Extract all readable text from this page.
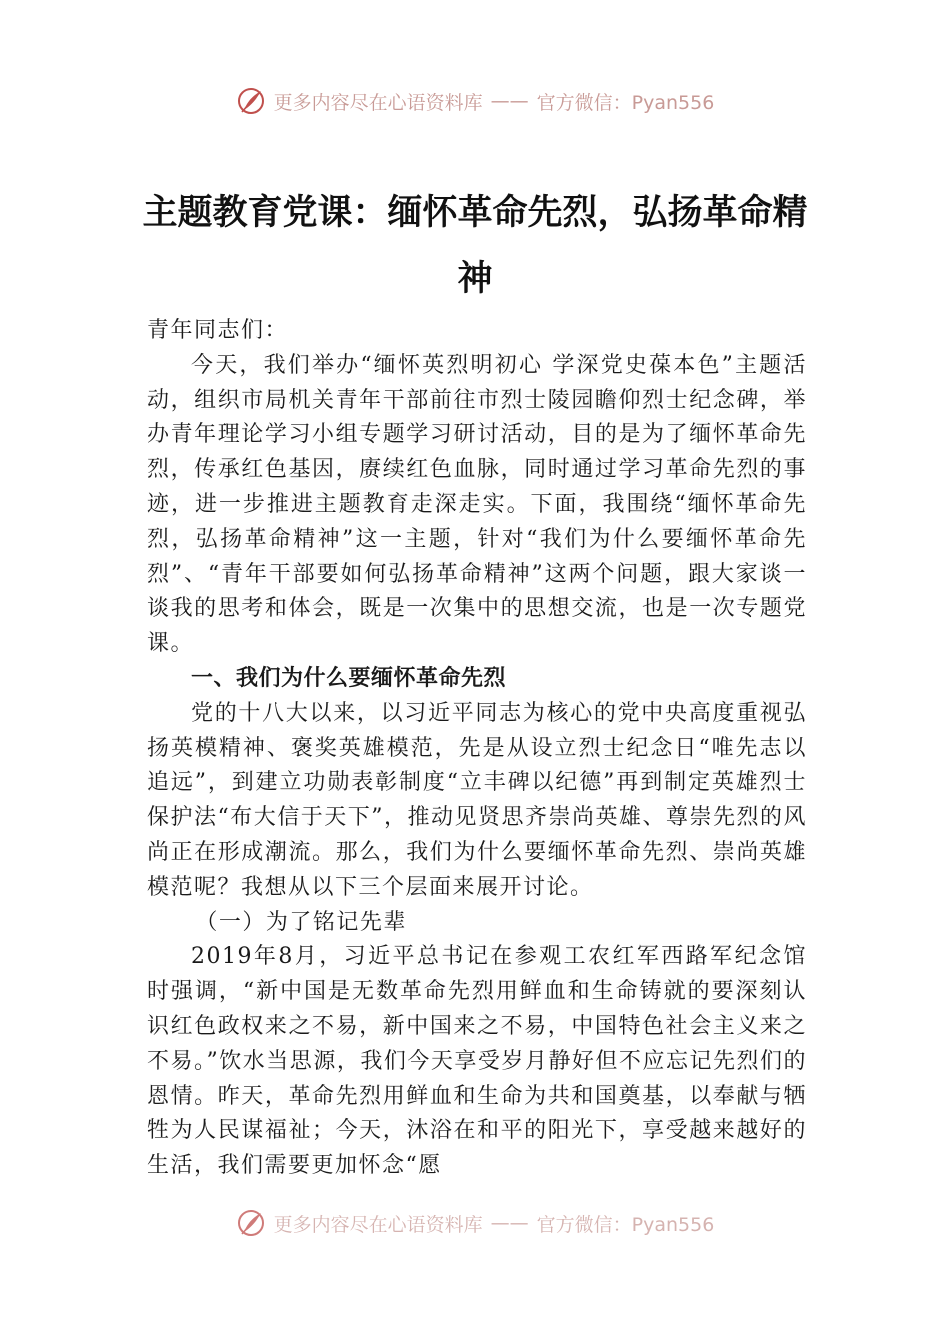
更多内容尽在心语资料库 —— 官方微信：Pyan556
主题教育党课：缅怀革命先烈，弘扬革命精神

青年同志们：

今天，我们举办“缅怀英烈明初心 学深党史葆本色”主题活动，组织市局机关青年干部前往市烈士陵园瞻仰烈士纪念碑，举办青年理论学习小组专题学习研讨活动，目的是为了缅怀革命先烈，传承红色基因，赓续红色血脉，同时通过学习革命先烈的事迹，进一步推进主题教育走深走实。下面，我围绕“缅怀革命先烈，弘扬革命精神”这一主题，针对“我们为什么要缅怀革命先烈”、“青年干部要如何弘扬革命精神”这两个问题，跟大家谈一谈我的思考和体会，既是一次集中的思想交流，也是一次专题党课。

一、我们为什么要缅怀革命先烈

党的十八大以来，以习近平同志为核心的党中央高度重视弘扬英模精神、褒奖英雄模范，先是从设立烈士纪念日“唯先志以追远”，到建立功勋表彰制度“立丰碑以纪德”再到制定英雄烈士保护法“布大信于天下”，推动见贤思齐崇尚英雄、尊崇先烈的风尚正在形成潮流。那么，我们为什么要缅怀革命先烈、崇尚英雄模范呢？我想从以下三个层面来展开讨论。

（一）为了铭记先辈

2019年8月，习近平总书记在参观工农红军西路军纪念馆时强调，“新中国是无数革命先烈用鲜血和生命铸就的要深刻认识红色政权来之不易，新中国来之不易，中国特色社会主义来之不易。”饮水当思源，我们今天享受岁月静好但不应忘记先烈们的恩情。昨天，革命先烈用鲜血和生命为共和国奠基，以奉献与牺牲为人民谋福祉；今天，沐浴在和平的阳光下，享受越来越好的生活，我们需要更加怀念“愿

更多内容尽在心语资料库 —— 官方微信：Pyan556
